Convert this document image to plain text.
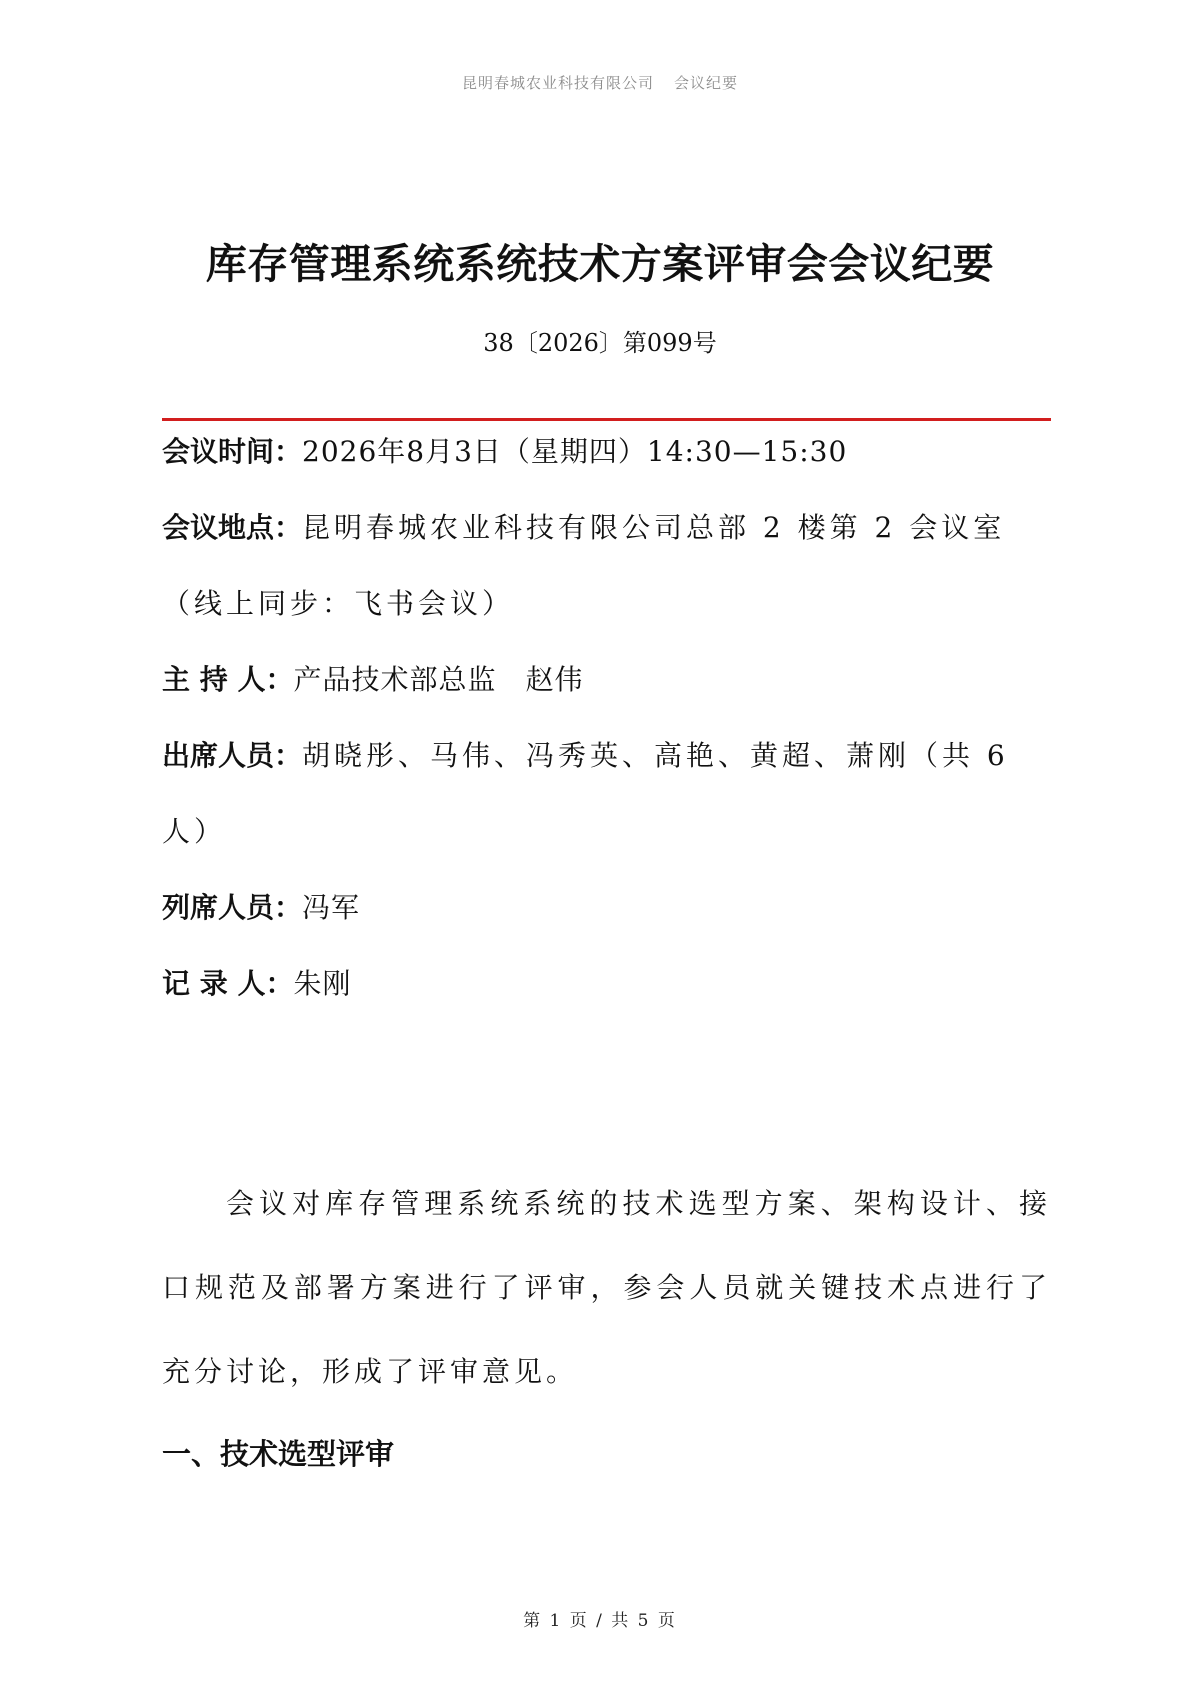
昆明春城农业科技有限公司 会议纪要
库存管理系统系统技术方案评审会会议纪要
38〔2026〕第099号
会议时间：2026年8月3日（星期四）14:30—15:30
会议地点：昆明春城农业科技有限公司总部 2 楼第 2 会议室
（线上同步：飞书会议）
主 持 人：产品技术部总监　赵伟
出席人员：胡晓彤、马伟、冯秀英、高艳、黄超、萧刚（共 6
人）
列席人员：冯军
记 录 人：朱刚

会议对库存管理系统系统的技术选型方案、架构设计、接口规范及部署方案进行了评审，参会人员就关键技术点进行了充分讨论，形成了评审意见。

一、技术选型评审
第 1 页 / 共 5 页
